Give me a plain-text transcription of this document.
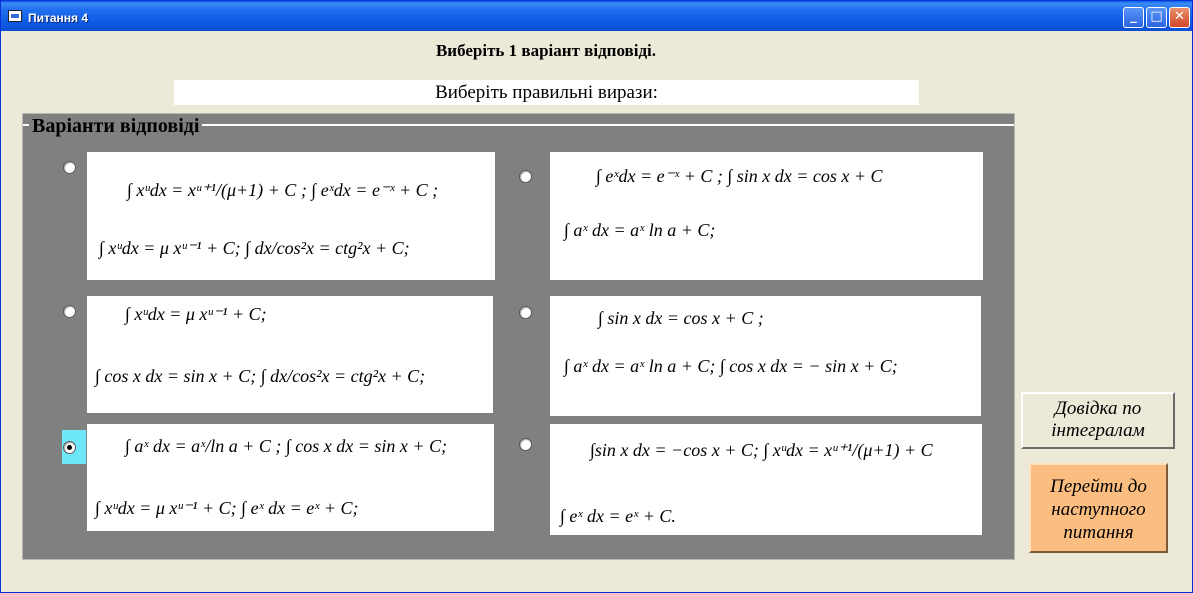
Питання 4	_	□ ✕
Виберіть 1 варіант відповіді.
Виберіть правильні вирази:
Варіанти відповіді
∫ xᵘdx = xᵘ⁺¹/(μ+1) + C ; ∫ eˣdx = e⁻ˣ + C ;
∫ xᵘdx = μ xᵘ⁻¹ + C; ∫ dx/cos²x = ctg²x + C;
∫ eˣdx = e⁻ˣ + C ; ∫ sin x dx = cos x + C
∫ aˣ dx = aˣ ln a + C;
∫ xᵘdx = μ xᵘ⁻¹ + C;
∫ cos x dx = sin x + C; ∫ dx/cos²x = ctg²x + C;
∫ sin x dx = cos x + C ;
∫ aˣ dx = aˣ ln a + C; ∫ cos x dx = − sin x + C;
∫ aˣ dx = aˣ/ln a + C ; ∫ cos x dx = sin x + C;
∫ xᵘdx = μ xᵘ⁻¹ + C; ∫ eˣ dx = eˣ + C;
∫sin x dx = −cos x + C; ∫ xᵘdx = xᵘ⁺¹/(μ+1) + C
∫ eˣ dx = eˣ + C.
Довідка по інтегралам
Перейти до наступного питання
